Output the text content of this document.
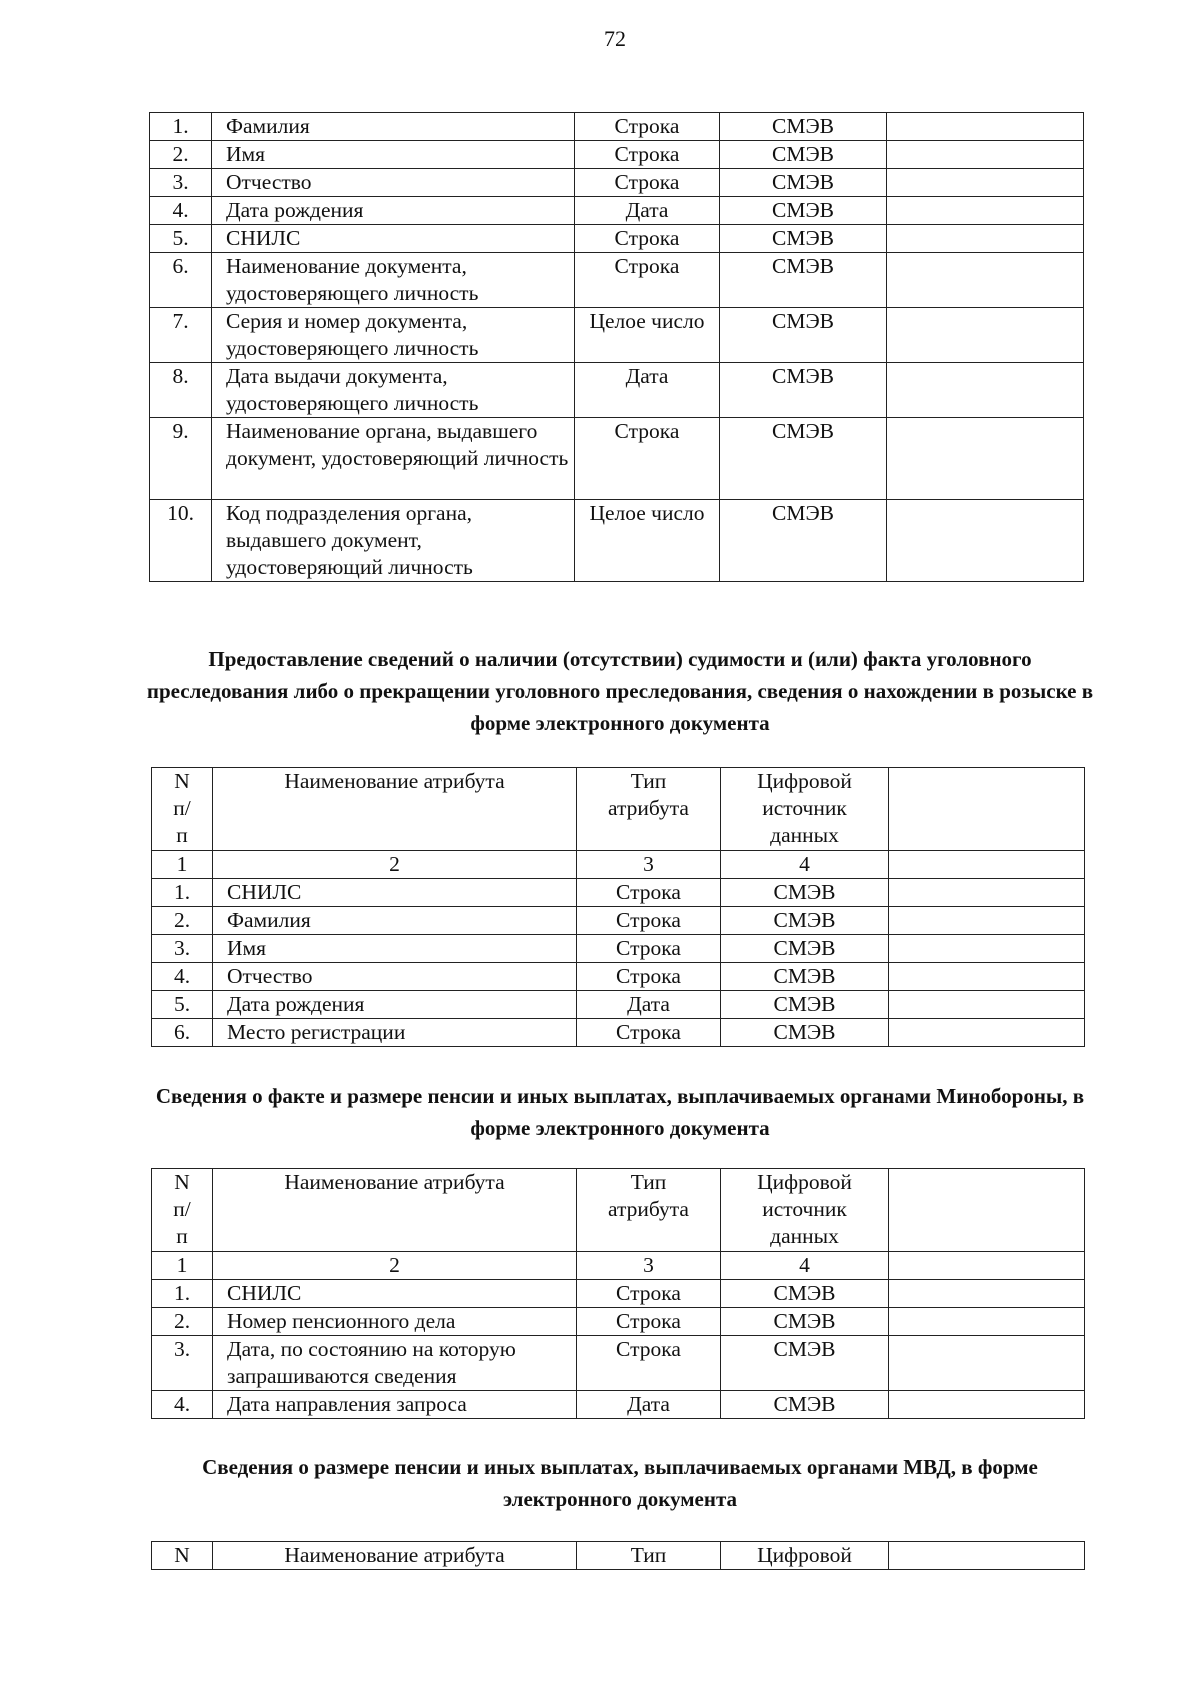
72
1.	Фамилия	Строка	СМЭВ	
2.	Имя	Строка	СМЭВ	
3.	Отчество	Строка	СМЭВ	
4.	Дата рождения	Дата	СМЭВ	
5.	СНИЛС	Строка	СМЭВ	
6.	Наименование документа, удостоверяющего личность	Строка	СМЭВ	
7.	Серия и номер документа, удостоверяющего личность	Целое число	СМЭВ	
8.	Дата выдачи документа, удостоверяющего личность	Дата	СМЭВ	
9.	Наименование органа, выдавшего документ, удостоверяющий личность	Строка	СМЭВ	
10.	Код подразделения органа, выдавшего документ, удостоверяющий личность	Целое число	СМЭВ	
Предоставление сведений о наличии (отсутствии) судимости и (или) факта уголовного преследования либо о прекращении уголовного преследования, сведения о нахождении в розыске в форме электронного документа
N п/п	Наименование атрибута	Тип атрибута	Цифровой источник данных	
1	2	3	4	
1.	СНИЛС	Строка	СМЭВ	
2.	Фамилия	Строка	СМЭВ	
3.	Имя	Строка	СМЭВ	
4.	Отчество	Строка	СМЭВ	
5.	Дата рождения	Дата	СМЭВ	
6.	Место регистрации	Строка	СМЭВ	
Сведения о факте и размере пенсии и иных выплатах, выплачиваемых органами Минобороны, в форме электронного документа
N п/п	Наименование атрибута	Тип атрибута	Цифровой источник данных	
1	2	3	4	
1.	СНИЛС	Строка	СМЭВ	
2.	Номер пенсионного дела	Строка	СМЭВ	
3.	Дата, по состоянию на которую запрашиваются сведения	Строка	СМЭВ	
4.	Дата направления запроса	Дата	СМЭВ	
Сведения о размере пенсии и иных выплатах, выплачиваемых органами МВД, в форме электронного документа
N	Наименование атрибута	Тип	Цифровой	
